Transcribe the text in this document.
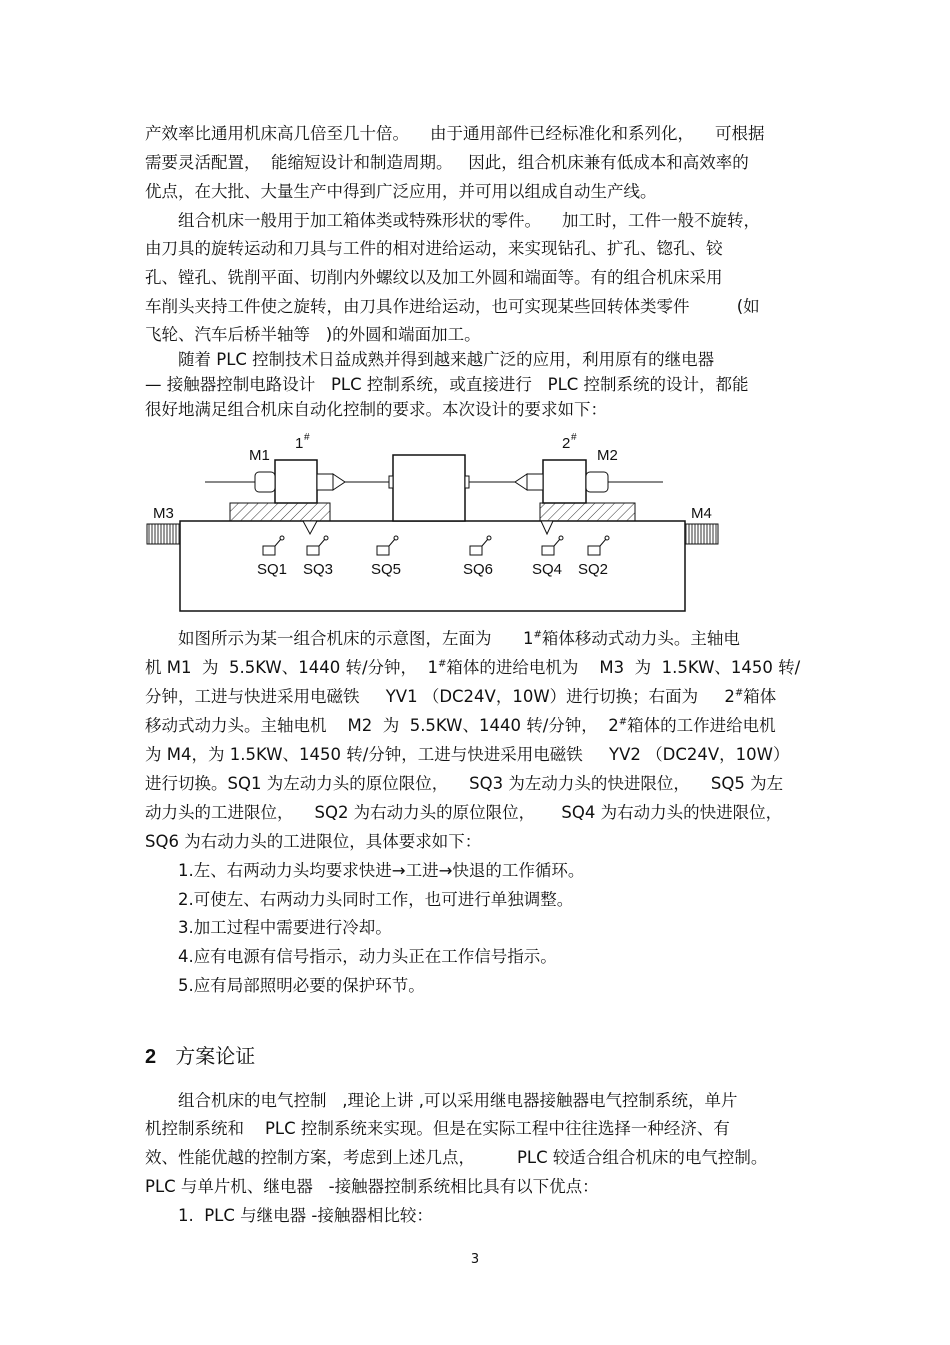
产效率比通用机床高几倍至几十倍。    由于通用部件已经标准化和系列化，    可根据
需要灵活配置，  能缩短设计和制造周期。   因此，组合机床兼有低成本和高效率的
优点，在大批、大量生产中得到广泛应用，并可用以组成自动生产线。
组合机床一般用于加工箱体类或特殊形状的零件。    加工时，工件一般不旋转，
由刀具的旋转运动和刀具与工件的相对进给运动，来实现钻孔、扩孔、锪孔、铰
孔、镗孔、铣削平面、切削内外螺纹以及加工外圆和端面等。有的组合机床采用
车削头夹持工件使之旋转，由刀具作进给运动，也可实现某些回转体类零件         (如
飞轮、汽车后桥半轴等   )的外圆和端面加工。
随着 PLC 控制技术日益成熟并得到越来越广泛的应用，利用原有的继电器
— 接触器控制电路设计   PLC 控制系统，或直接进行   PLC 控制系统的设计，都能
很好地满足组合机床自动化控制的要求。本次设计的要求如下：
1 #	2 #
M1	M2
M3	M4
SQ1 SQ3	SQ5	SQ6	SQ4 SQ2
如图所示为某一组合机床的示意图，左面为      1#箱体移动式动力头。主轴电
机 M1  为  5.5KW、1440 转/分钟，  1#箱体的进给电机为    M3  为  1.5KW、1450 转/
分钟，工进与快进采用电磁铁     YV1 （DC24V，10W）进行切换；右面为     2#箱体
移动式动力头。主轴电机    M2  为  5.5KW、1440 转/分钟，  2#箱体的工作进给电机
为 M4，为 1.5KW、1450 转/分钟，工进与快进采用电磁铁     YV2 （DC24V，10W）
进行切换。SQ1 为左动力头的原位限位，    SQ3 为左动力头的快进限位，    SQ5 为左
动力头的工进限位，    SQ2 为右动力头的原位限位，     SQ4 为右动力头的快进限位，
SQ6 为右动力头的工进限位，具体要求如下：
1.左、右两动力头均要求快进→工进→快退的工作循环。
2.可使左、右两动力头同时工作，也可进行单独调整。
3.加工过程中需要进行冷却。
4.应有电源有信号指示，动力头正在工作信号指示。
5.应有局部照明必要的保护环节。
2 方案论证
组合机床的电气控制   ,理论上讲 ,可以采用继电器接触器电气控制系统，单片
机控制系统和    PLC 控制系统来实现。但是在实际工程中往往选择一种经济、有
效、性能优越的控制方案，考虑到上述几点，        PLC 较适合组合机床的电气控制。
PLC 与单片机、继电器   -接触器控制系统相比具有以下优点：
1.  PLC 与继电器 -接触器相比较：
3
